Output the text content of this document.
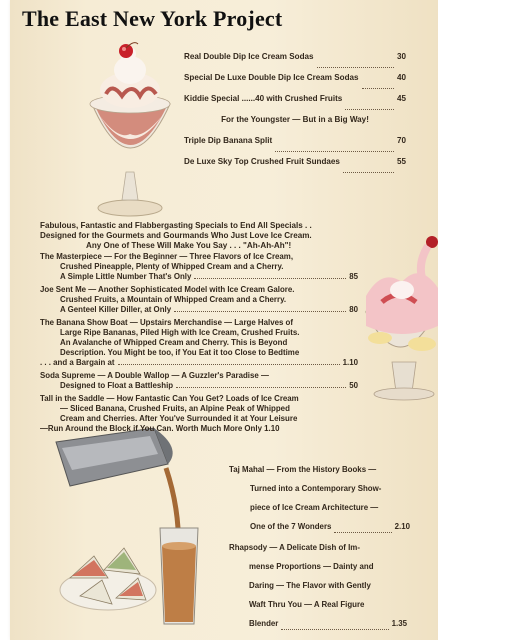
The East New York Project
Real Double Dip Ice Cream Sodas	30
Special De Luxe Double Dip Ice Cream Sodas	40
Kiddie Special ......40 with Crushed Fruits	45
For the Youngster — But in a Big Way!
Triple Dip Banana Split	70
De Luxe Sky Top Crushed Fruit Sundaes	55
Fabulous, Fantastic and Flabbergasting Specials to End All Specials . .
Designed for the Gourmets and Gourmands Who Just Love Ice Cream.
Any One of These Will Make You Say . . . "Ah-Ah-Ah"!
The Masterpiece — For the Beginner — Three Flavors of Ice Cream,
Crushed Pineapple, Plenty of Whipped Cream and a Cherry.
A Simple Little Number That's Only	85
Joe Sent Me — Another Sophisticated Model with Ice Cream Galore.
Crushed Fruits, a Mountain of Whipped Cream and a Cherry.
A Genteel Killer Diller, at Only	80
The Banana Show Boat — Upstairs Merchandise — Large Halves of
Large Ripe Bananas, Piled High with Ice Cream, Crushed Fruits.
An Avalanche of Whipped Cream and Cherry. This is Beyond
Description. You Might be too, if You Eat it too Close to Bedtime
. . . and a Bargain at	1.10
Soda Supreme — A Double Wallop — A Guzzler's Paradise —
Designed to Float a Battleship	50
Tall in the Saddle — How Fantastic Can You Get? Loads of Ice Cream
— Sliced Banana, Crushed Fruits, an Alpine Peak of Whipped
Cream and Cherries. After You've Surrounded it at Your Leisure
—Run Around the Block if You Can. Worth Much More Only 1.10
Taj Mahal — From the History Books —
Turned into a Contemporary Show-
piece of Ice Cream Architecture —
One of the 7 Wonders	2.10
Rhapsody — A Delicate Dish of Im-
mense Proportions — Dainty and
Daring — The Flavor with Gently
Waft Thru You — A Real Figure
Blender	1.35
